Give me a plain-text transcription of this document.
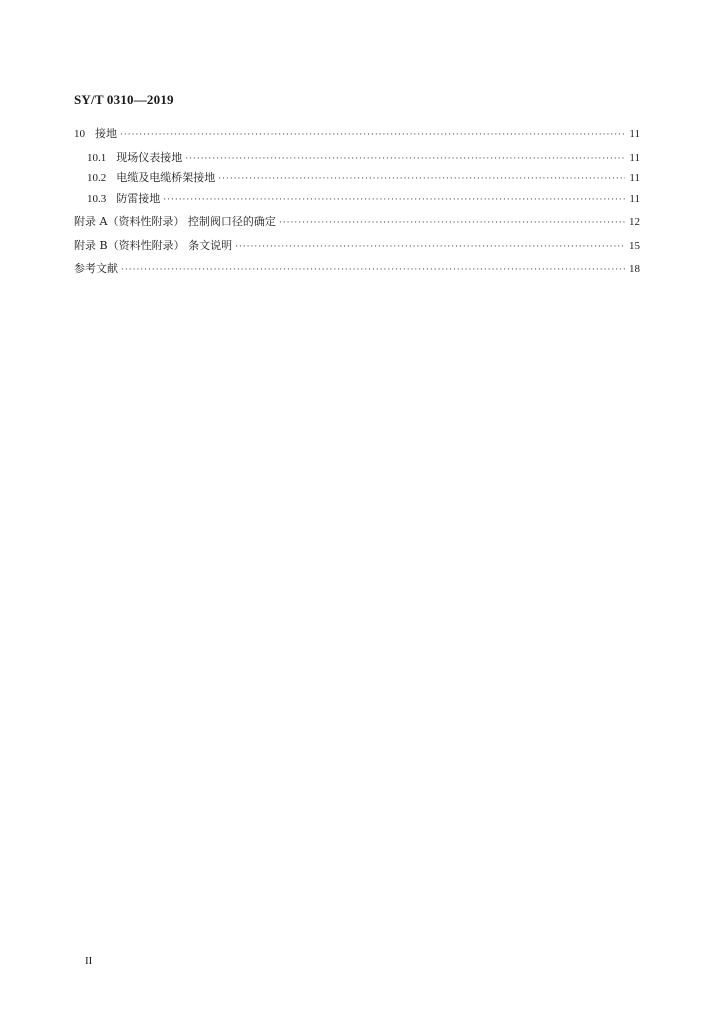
SY/T 0310—2019
10 接地 ·····	11
10.1 现场仪表接地 ·····	11
10.2 电缆及电缆桥架接地 ·····	11
10.3 防雷接地 ·····	11
附录 A（资料性附录） 控制阀口径的确定 ·····	12
附录 B（资料性附录） 条文说明 ·····	15
参考文献 ·····	18
II
